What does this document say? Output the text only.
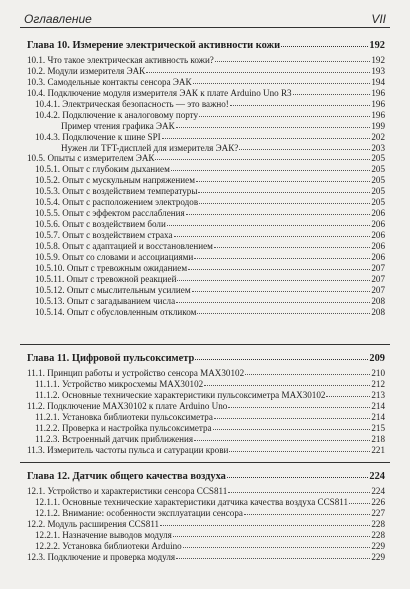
Оглавление	VII
Глава 10. Измерение электрической активности кожи	192
10.1. Что такое электрическая активность кожи?	192
10.2. Модули измерителя ЭАК	193
10.3. Самодельные контакты сенсора ЭАК	194
10.4. Подключение модуля измерителя ЭАК к плате Arduino Uno R3	196
10.4.1. Электрическая безопасность — это важно!	196
10.4.2. Подключение к аналоговому порту	196
Пример чтения графика ЭАК	199
10.4.3. Подключение к шине SPI	202
Нужен ли TFT-дисплей для измерителя ЭАК?	203
10.5. Опыты с измерителем ЭАК	205
10.5.1. Опыт с глубоким дыханием	205
10.5.2. Опыт с мускульным напряжением	205
10.5.3. Опыт с воздействием температуры	205
10.5.4. Опыт с расположением электродов	205
10.5.5. Опыт с эффектом расслабления	206
10.5.6. Опыт с воздействием боли	206
10.5.7. Опыт с воздействием страха	206
10.5.8. Опыт с адаптацией и восстановлением	206
10.5.9. Опыт со словами и ассоциациями	206
10.5.10. Опыт с тревожным ожиданием	207
10.5.11. Опыт с тревожной реакцией	207
10.5.12. Опыт с мыслительным усилием	207
10.5.13. Опыт с загадыванием числа	208
10.5.14. Опыт с обусловленным откликом	208
Глава 11. Цифровой пульсоксиметр	209
11.1. Принцип работы и устройство сенсора MAX30102	210
11.1.1. Устройство микросхемы MAX30102	212
11.1.2. Основные технические характеристики пульсоксиметра MAX30102	213
11.2. Подключение MAX30102 к плате Arduino Uno	214
11.2.1. Установка библиотеки пульсоксиметра	214
11.2.2. Проверка и настройка пульсоксиметра	215
11.2.3. Встроенный датчик приближения	218
11.3. Измеритель частоты пульса и сатурации крови	221
Глава 12. Датчик общего качества воздуха	224
12.1. Устройство и характеристики сенсора CCS811	224
12.1.1. Основные технические характеристики датчика качества воздуха CCS811	226
12.1.2. Внимание: особенности эксплуатации сенсора	227
12.2. Модуль расширения CCS811	228
12.2.1. Назначение выводов модуля	228
12.2.2. Установка библиотеки Arduino	229
12.3. Подключение и проверка модуля	229
